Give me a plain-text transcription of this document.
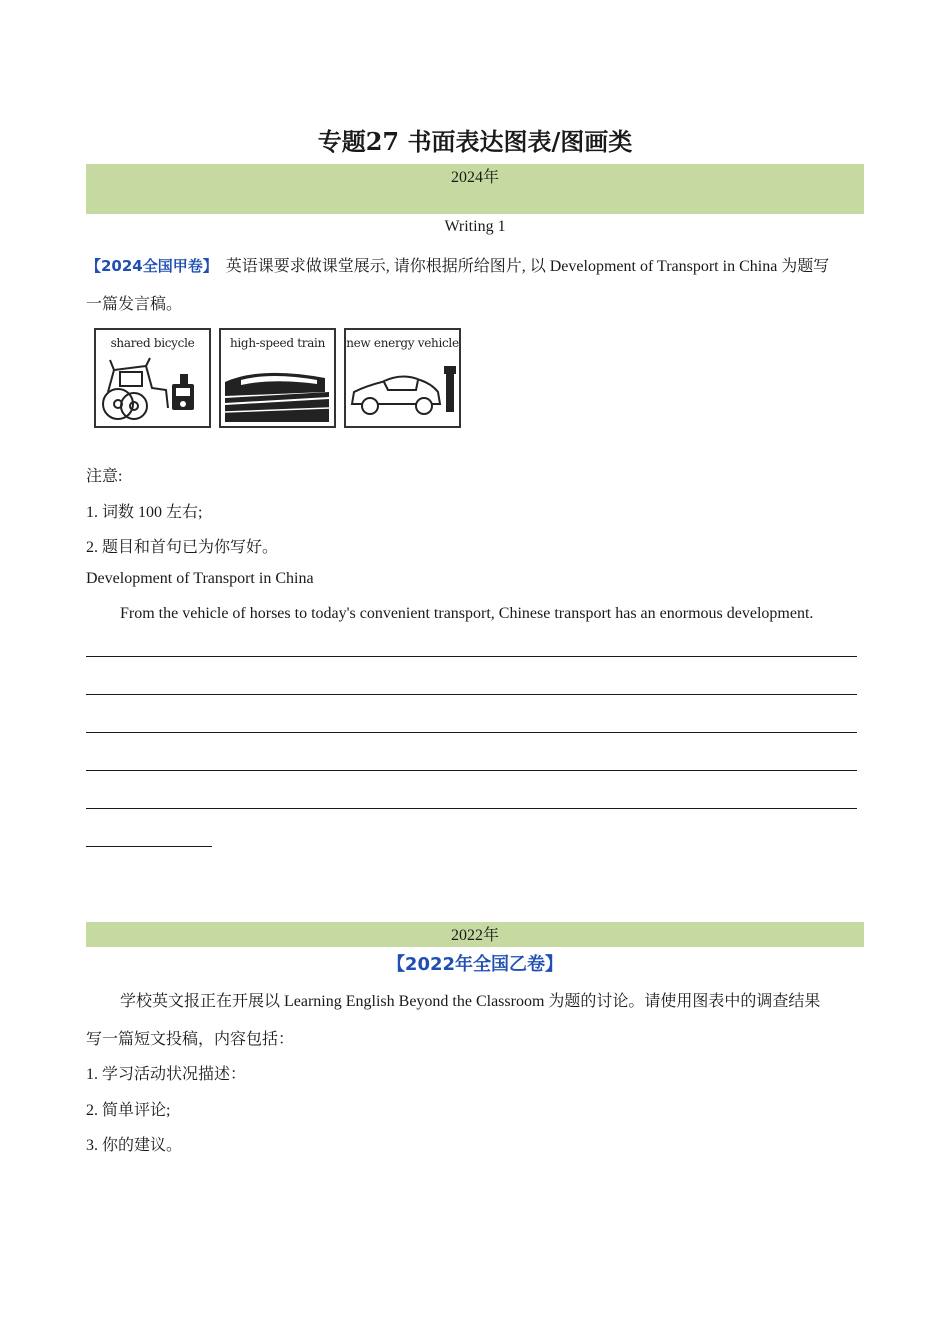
专题27 书面表达图表/图画类
2024年
Writing 1
【2024全国甲卷】 英语课要求做课堂展示, 请你根据所给图片, 以 Development of Transport in China 为题写
一篇发言稿。
shared bicycle	high-speed train	new energy vehicle
注意:
1. 词数 100 左右;
2. 题目和首句已为你写好。
Development of Transport in China
From the vehicle of horses to today's convenient transport, Chinese transport has an enormous development.
2022年
【2022年全国乙卷】
学校英文报正在开展以 Learning English Beyond the Classroom 为题的讨论。请使用图表中的调查结果
写一篇短文投稿，内容包括：
1. 学习活动状况描述：
2. 简单评论;
3. 你的建议。
